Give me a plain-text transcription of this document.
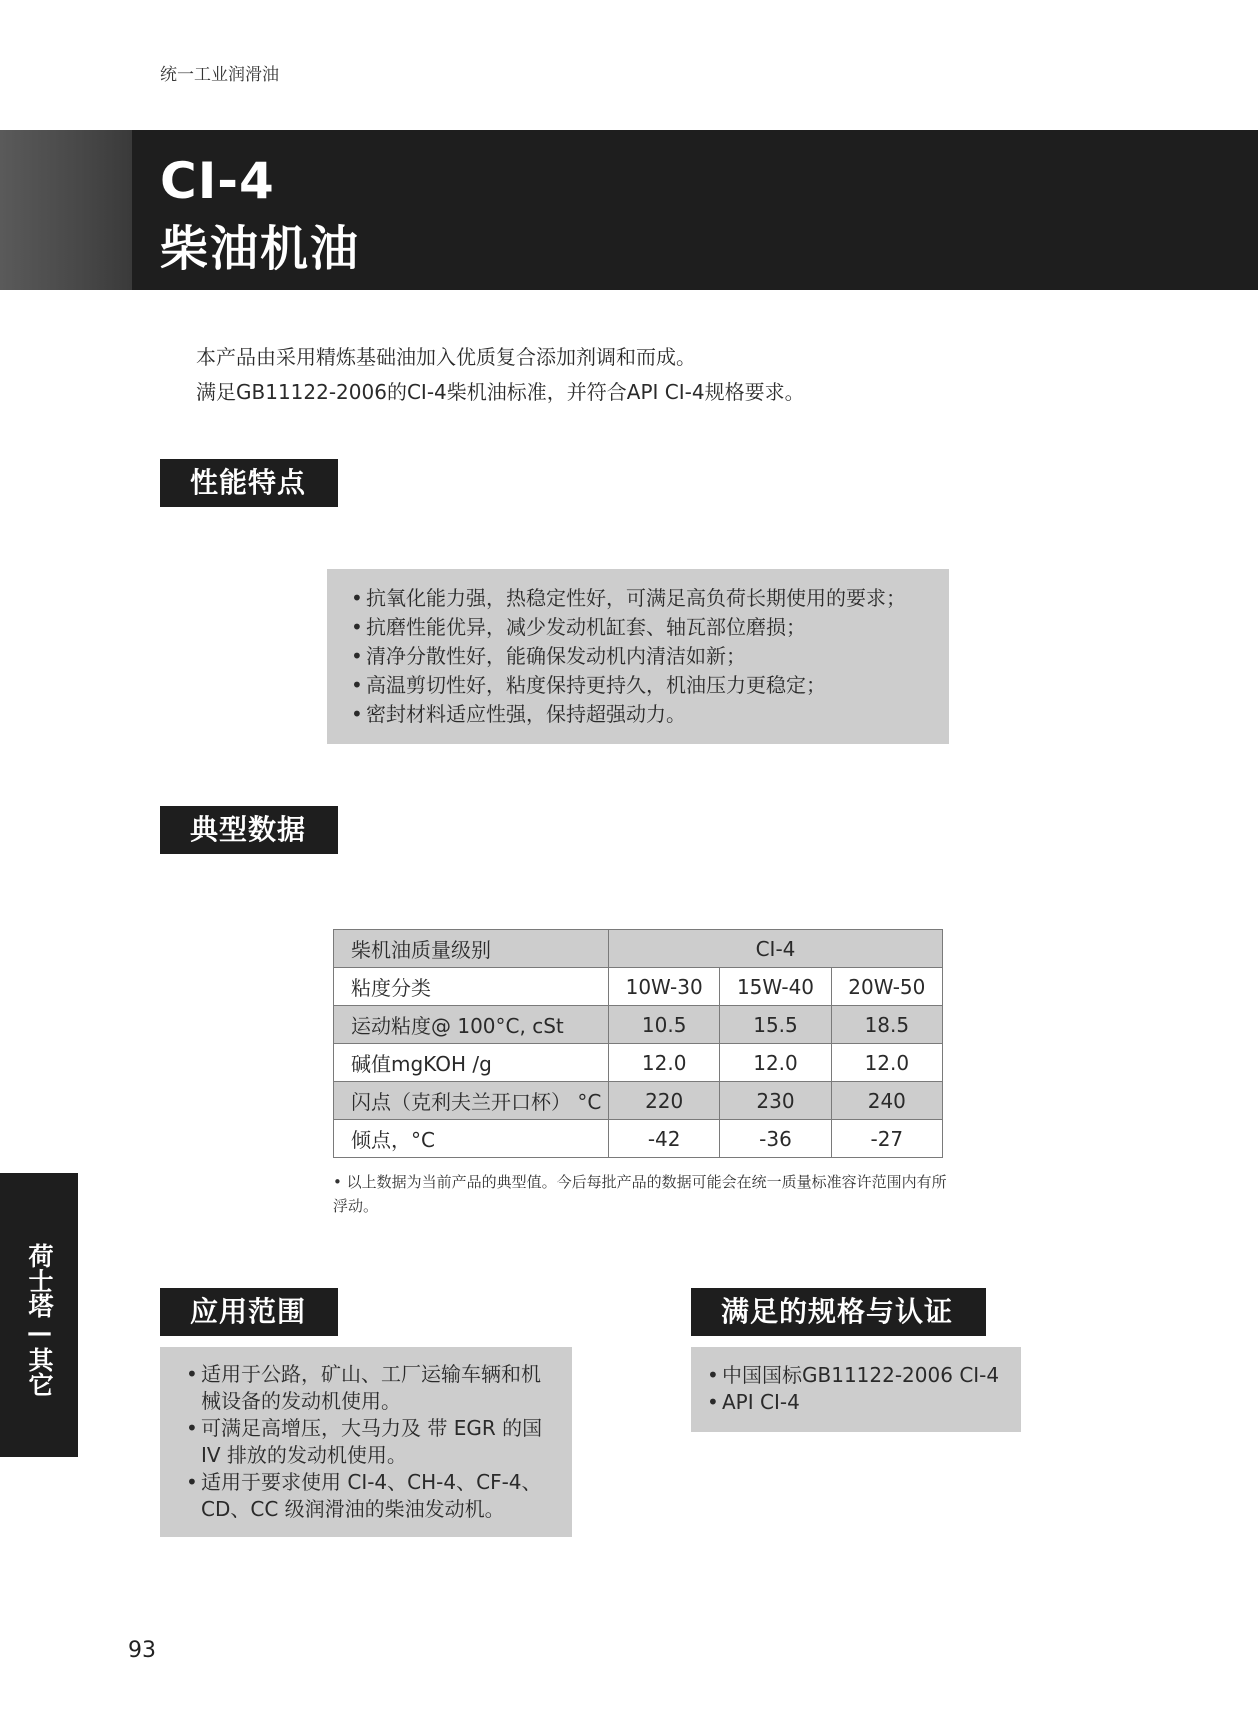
统一工业润滑油
CI-4
柴油机油

本产品由采用精炼基础油加入优质复合添加剂调和而成。

满足GB11122-2006的CI-4柴机油标准，并符合API CI-4规格要求。

性能特点
• 抗氧化能力强，热稳定性好，可满足高负荷长期使用的要求；
• 抗磨性能优异，减少发动机缸套、轴瓦部位磨损；
• 清净分散性好，能确保发动机内清洁如新；
• 高温剪切性好，粘度保持更持久，机油压力更稳定；
• 密封材料适应性强，保持超强动力。
典型数据
柴机油质量级别	CI-4		
粘度分类	10W-30	15W-40	20W-50
运动粘度@ 100°C, cSt	10.5	15.5	18.5
碱值mgKOH /g	12.0	12.0	12.0
闪点（克利夫兰开口杯） °C	220	230	240
倾点，°C	-42	-36	-27
• 以上数据为当前产品的典型值。今后每批产品的数据可能会在统一质量标准容许范围内有所浮动。
应用范围
• 适用于公路，矿山、工厂运输车辆和机械设备的发动机使用。
• 可满足高增压，大马力及 带 EGR 的国 IV 排放的发动机使用。
• 适用于要求使用 CI-4、CH-4、CF-4、CD、CC 级润滑油的柴油发动机。
满足的规格与认证
• 中国国标GB11122-2006 CI-4
• API CI-4
荷士塔—其它
93
